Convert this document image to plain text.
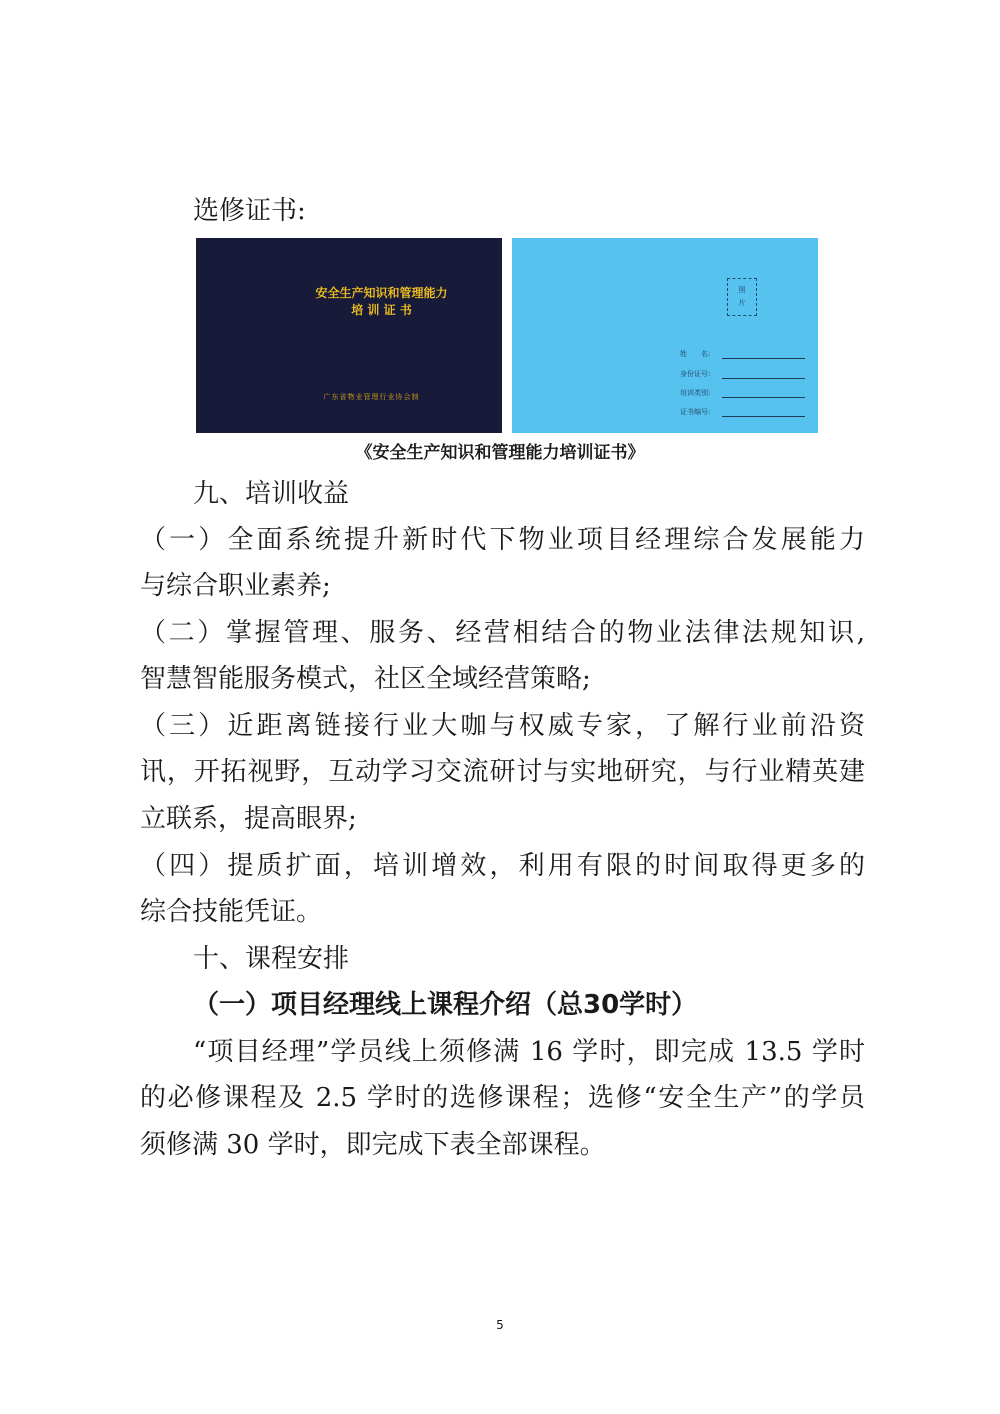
选修证书:
安全生产知识和管理能力
培 训 证 书
广东省物业管理行业协会制
照
片
姓　　名:
身份证号:
培训类别:
证书编号:
《安全生产知识和管理能力培训证书》
九、培训收益
（一）全面系统提升新时代下物业项目经理综合发展能力
与综合职业素养;
（二）掌握管理、服务、经营相结合的物业法律法规知识,
智慧智能服务模式，社区全域经营策略;
（三）近距离链接行业大咖与权威专家，了解行业前沿资
讯，开拓视野，互动学习交流研讨与实地研究，与行业精英建
立联系，提高眼界;
（四）提质扩面，培训增效，利用有限的时间取得更多的
综合技能凭证。
十、课程安排
（一）项目经理线上课程介绍（总30学时）
“项目经理”学员线上须修满 16 学时，即完成 13.5 学时
的必修课程及 2.5 学时的选修课程；选修“安全生产”的学员
须修满 30 学时，即完成下表全部课程。
5
